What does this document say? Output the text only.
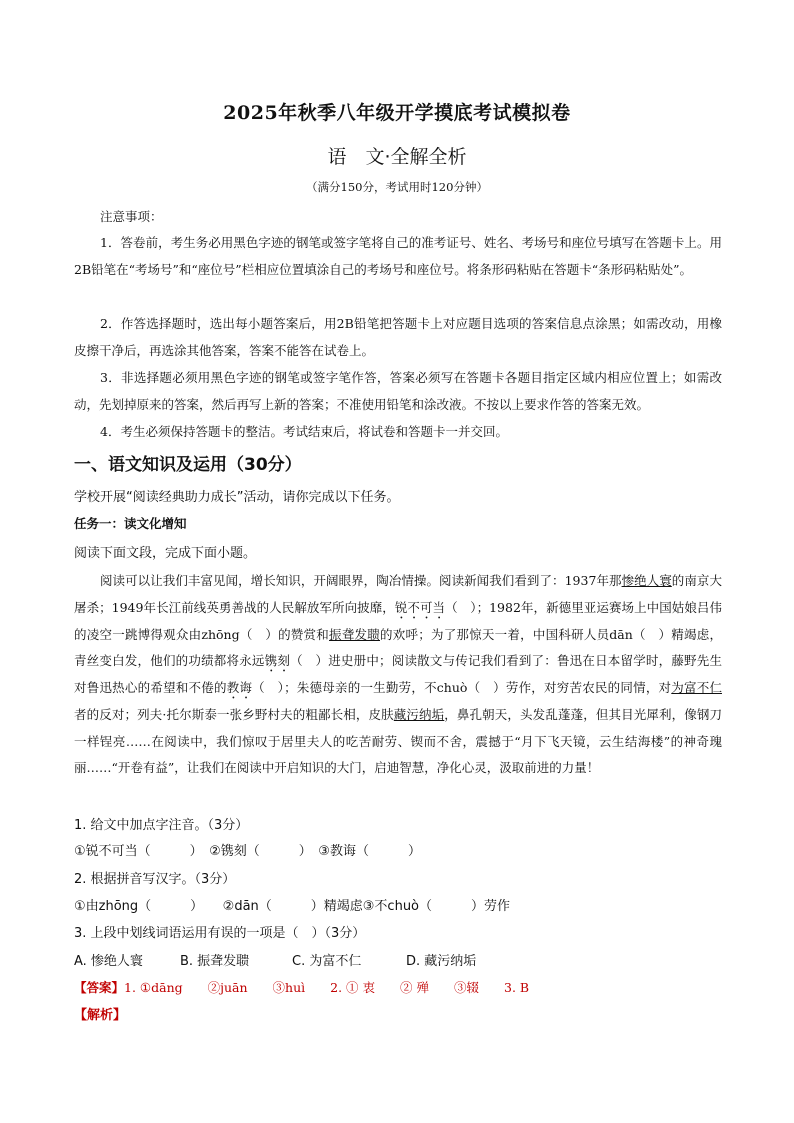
2025年秋季八年级开学摸底考试模拟卷
语　文·全解全析
（满分150分，考试用时120分钟）
注意事项：

1．答卷前，考生务必用黑色字迹的钢笔或签字笔将自己的准考证号、姓名、考场号和座位号填写在答题卡上。用2B铅笔在“考场号”和“座位号”栏相应位置填涂自己的考场号和座位号。将条形码粘贴在答题卡“条形码粘贴处”。

2．作答选择题时，选出每小题答案后，用2B铅笔把答题卡上对应题目选项的答案信息点涂黑；如需改动，用橡皮擦干净后，再选涂其他答案，答案不能答在试卷上。

3．非选择题必须用黑色字迹的钢笔或签字笔作答，答案必须写在答题卡各题目指定区域内相应位置上；如需改动，先划掉原来的答案，然后再写上新的答案；不准使用铅笔和涂改液。不按以上要求作答的答案无效。

4．考生必须保持答题卡的整洁。考试结束后，将试卷和答题卡一并交回。

一、语文知识及运用（30分）
学校开展“阅读经典助力成长”活动，请你完成以下任务。
任务一：读文化增知
阅读下面文段，完成下面小题。

阅读可以让我们丰富见闻，增长知识，开阔眼界，陶冶情操。阅读新闻我们看到了：1937年那惨绝人寰的南京大屠杀；1949年长江前线英勇善战的人民解放军所向披靡，锐不可当（　）；1982年，新德里亚运赛场上中国姑娘吕伟的凌空一跳博得观众由zhōng（　）的赞赏和振聋发聩的欢呼；为了那惊天一着，中国科研人员dān（　）精竭虑，青丝变白发，他们的功绩都将永远镌刻（　）进史册中；阅读散文与传记我们看到了：鲁迅在日本留学时，藤野先生对鲁迅热心的希望和不倦的教诲（　）；朱德母亲的一生勤劳，不chuò（　）劳作，对穷苦农民的同情，对为富不仁者的反对；列夫·托尔斯泰一张乡野村夫的粗鄙长相，皮肤藏污纳垢，鼻孔朝天，头发乱蓬蓬，但其目光犀利，像钢刀一样锃亮……在阅读中，我们惊叹于居里夫人的吃苦耐劳、锲而不舍，震撼于“月下飞天镜，云生结海楼”的神奇瑰丽……“开卷有益”，让我们在阅读中开启知识的大门，启迪智慧，净化心灵，汲取前进的力量！

1. 给文中加点字注音。（3分）
①锐不可当（　　　）　②镌刻（　　　）　③教诲（　　　）
2. 根据拼音写汉字。（3分）
①由zhōng（　　　）　　②dān（　　　）精竭虑③不chuò（　　　）劳作
3. 上段中划线词语运用有误的一项是（　）（3分）
A. 惨绝人寰	B. 振聋发聩	C. 为富不仁	D. 藏污纳垢
【答案】1. ①dāng　　②juān　　③huì　　2. ① 衷　　② 殚　　③辍　　3. B
【解析】
